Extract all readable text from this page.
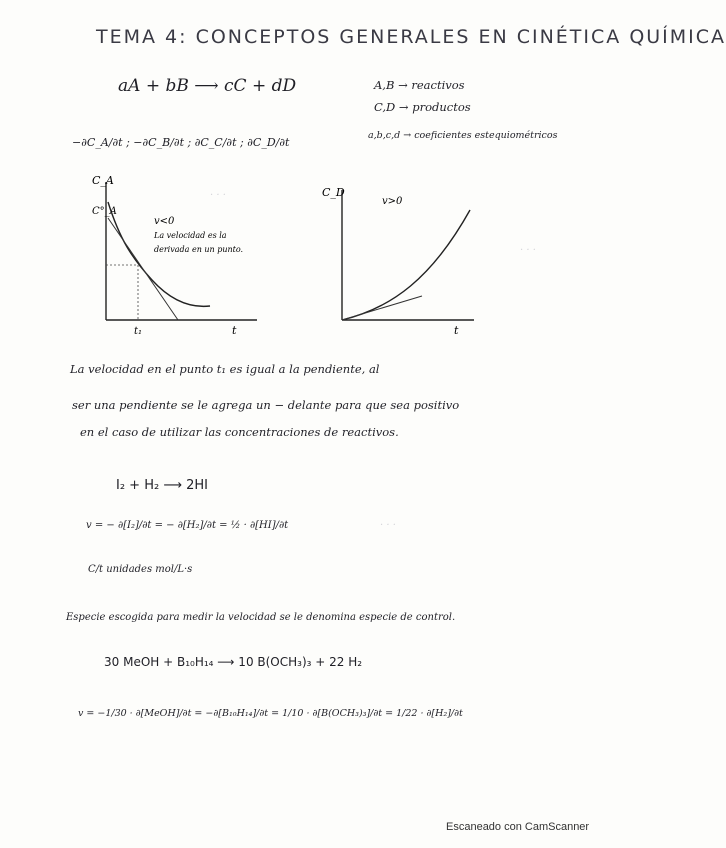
· · ·
· · ·
· · ·
TEMA 4: CONCEPTOS GENERALES EN CINÉTICA QUÍMICA
aA + bB ⟶ cC + dD	A,B → reactivos
C,D → productos
a,b,c,d → coeficientes estequiométricos
−∂C_A/∂t ; −∂C_B/∂t ; ∂C_C/∂t ; ∂C_D/∂t
C_A
C°_A
v<0
La velocidad es la
derivada en un punto.
t₁	t
C_D
v>0
t
La velocidad en el punto t₁ es igual a la pendiente, al
ser una pendiente se le agrega un − delante para que sea positivo
en el caso de utilizar las concentraciones de reactivos.
I₂ + H₂ ⟶ 2HI
v = − ∂[I₂]/∂t = − ∂[H₂]/∂t = ½ · ∂[HI]/∂t
C/t unidades mol/L·s
Especie escogida para medir la velocidad se le denomina especie de control.
30 MeOH + B₁₀H₁₄ ⟶ 10 B(OCH₃)₃ + 22 H₂
v = −1/30 · ∂[MeOH]/∂t = −∂[B₁₀H₁₄]/∂t = 1/10 · ∂[B(OCH₃)₃]/∂t = 1/22 · ∂[H₂]/∂t
Escaneado con CamScanner
